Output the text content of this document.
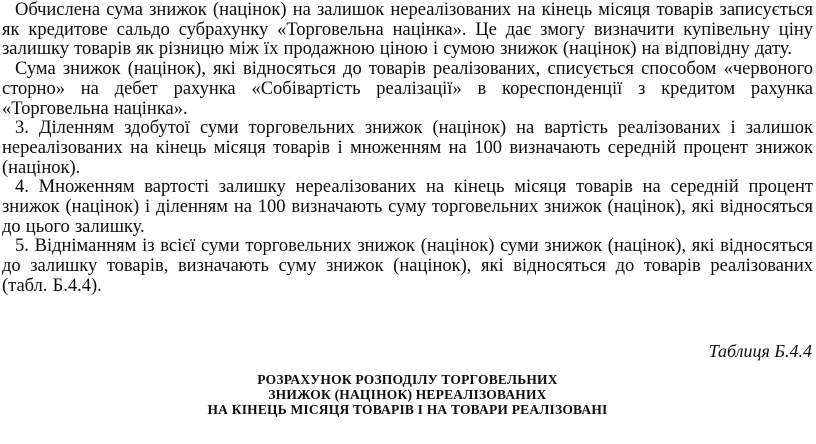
Обчислена сума знижок (націнок) на залишок нереалізованих на кінець місяця товарів записується як кредитове сальдо субрахунку «Торговельна націнка». Це дає змогу визначити купівельну ціну залишку товарів як різницю між їх продажною ціною і сумою знижок (націнок) на відповідну дату.

Сума знижок (націнок), які відносяться до товарів реалізованих, списується способом «червоного сторно» на дебет рахунка «Собівартість реалізації» в кореспонденції з кредитом рахунка «Торговельна націнка».

3. Діленням здобутої суми торговельних знижок (націнок) на вартість реалізованих і залишок нереалізованих на кінець місяця товарів і множенням на 100 визначають середній процент знижок (націнок).

4. Множенням вартості залишку нереалізованих на кінець місяця товарів на середній процент знижок (націнок) і діленням на 100 визначають суму торговельних знижок (націнок), які відносяться до цього залишку.

5. Відніманням із всієї суми торговельних знижок (націнок) суми знижок (націнок), які відносяться до залишку товарів, визначають суму знижок (націнок), які відносяться до товарів реалізованих (табл. Б.4.4).

Таблиця Б.4.4
РОЗРАХУНОК РОЗПОДІЛУ ТОРГОВЕЛЬНИХ
ЗНИЖОК (НАЦІНОК) НЕРЕАЛІЗОВАНИХ
НА КІНЕЦЬ МІСЯЦЯ ТОВАРІВ І НА ТОВАРИ РЕАЛІЗОВАНІ
